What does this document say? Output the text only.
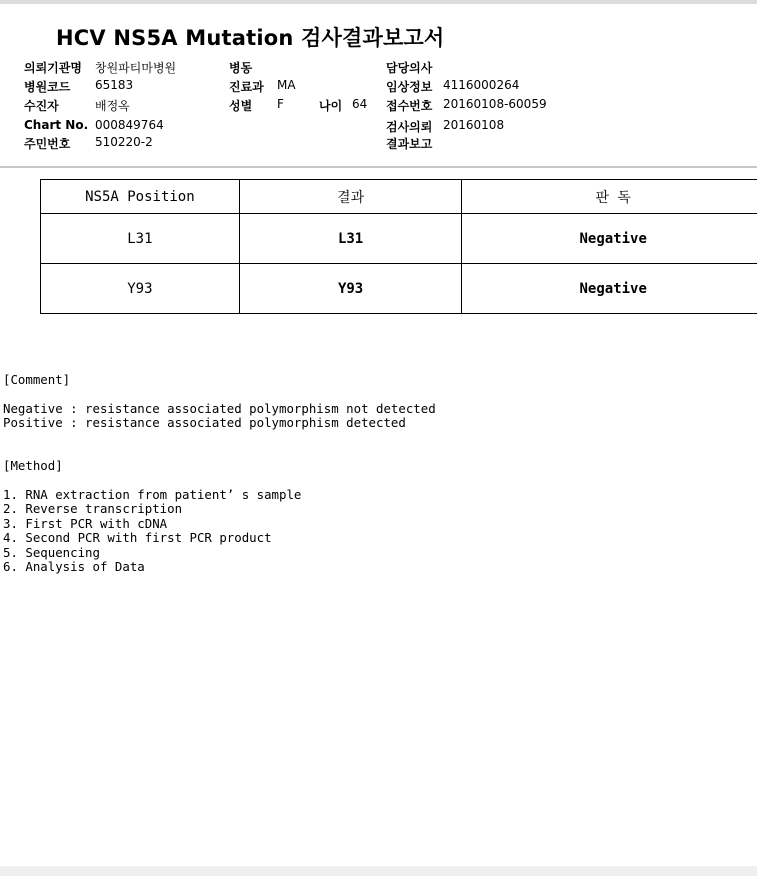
HCV NS5A Mutation 검사결과보고서
의뢰기관명 창원파티마병원	병동	담당의사
병원코드 65183	진료과 MA	임상정보 4116000264
수진자	배정옥	성별 F	나이 64 접수번호 20160108-60059
Chart No. 000849764	검사의뢰 20160108
주민번호 510220-2	결과보고
NS5A Position	결과	판 독
L31	L31	Negative
Y93	Y93	Negative
[Comment]
Negative : resistance associated polymorphism not detected
Positive : resistance associated polymorphism detected
[Method]
1. RNA extraction from patient’ s sample
2. Reverse transcription
3. First PCR with cDNA
4. Second PCR with first PCR product
5. Sequencing
6. Analysis of Data
